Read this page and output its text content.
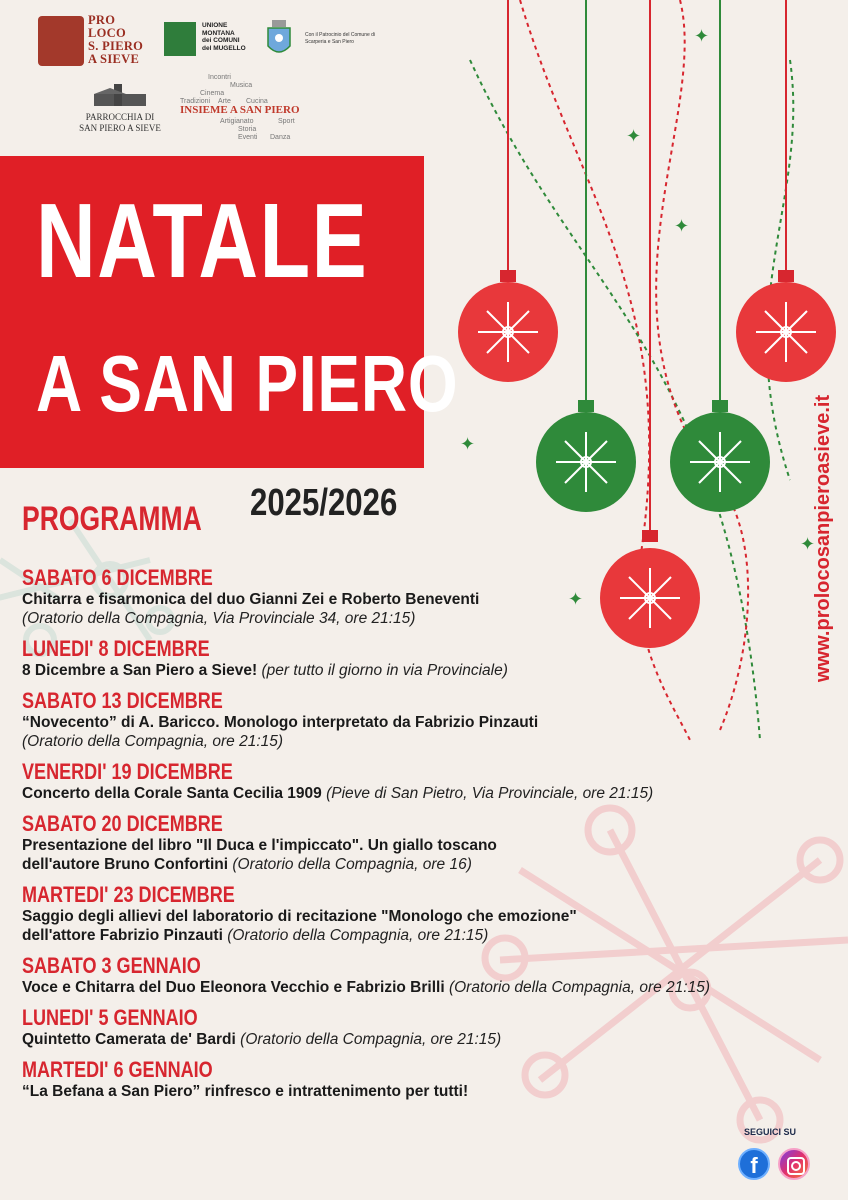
✦
✦
✦
✦
✦
✦
PRO
LOCO
S. PIERO
A SIEVE
UNIONE
MONTANA
dei COMUNI
del MUGELLO
Con il Patrocinio del Comune di Scarperia e San Piero
PARROCCHIA DI
SAN PIERO A SIEVE
Incontri
Musica
Cinema
Tradizioni Arte Cucina
Artigianato
Storia
Eventi
Sport
Danza
INSIEME A SAN PIERO
NATALE
A SAN PIERO
2025/2026
PROGRAMMA	www.prolocosanpieroasieve.it
SABATO 6 DICEMBRE
Chitarra e fisarmonica del duo Gianni Zei e Roberto Beneventi
(Oratorio della Compagnia, Via Provinciale 34, ore 21:15)
LUNEDI' 8 DICEMBRE
8 Dicembre a San Piero a Sieve! (per tutto il giorno in via Provinciale)
SABATO 13 DICEMBRE
“Novecento” di A. Baricco. Monologo interpretato da Fabrizio Pinzauti
(Oratorio della Compagnia, ore 21:15)
VENERDI' 19 DICEMBRE
Concerto della Corale Santa Cecilia 1909 (Pieve di San Pietro, Via Provinciale, ore 21:15)
SABATO 20 DICEMBRE
Presentazione del libro "Il Duca e l'impiccato". Un giallo toscano
dell'autore Bruno Confortini (Oratorio della Compagnia, ore 16)
MARTEDI' 23 DICEMBRE
Saggio degli allievi del laboratorio di recitazione "Monologo che emozione"
dell'attore Fabrizio Pinzauti (Oratorio della Compagnia, ore 21:15)
SABATO 3 GENNAIO
Voce e Chitarra del Duo Eleonora Vecchio e Fabrizio Brilli (Oratorio della Compagnia, ore 21:15)
LUNEDI' 5 GENNAIO
Quintetto Camerata de' Bardi (Oratorio della Compagnia, ore 21:15)
MARTEDI' 6 GENNAIO
“La Befana a San Piero” rinfresco e intrattenimento per tutti!
SEGUICI SU
f
